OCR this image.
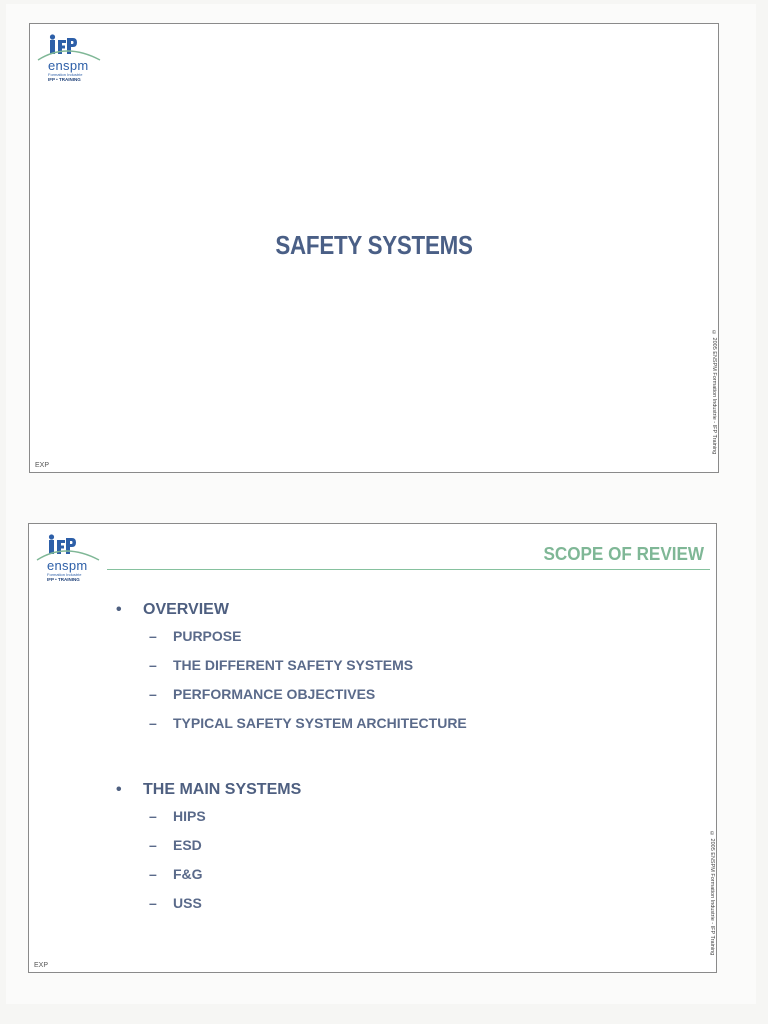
enspm
Formation Industrie
IFP • TRAINING
SAFETY SYSTEMS
© 2005 ENSPM Formation Industrie - IFP Training
EXP
enspm
Formation Industrie
IFP • TRAINING
SCOPE OF REVIEW
• OVERVIEW
– PURPOSE
– THE DIFFERENT SAFETY SYSTEMS
– PERFORMANCE OBJECTIVES
– TYPICAL SAFETY SYSTEM ARCHITECTURE
• THE MAIN SYSTEMS
– HIPS
– ESD
– F&G
– USS	© 2005 ENSPM Formation Industrie - IFP Training
EXP
